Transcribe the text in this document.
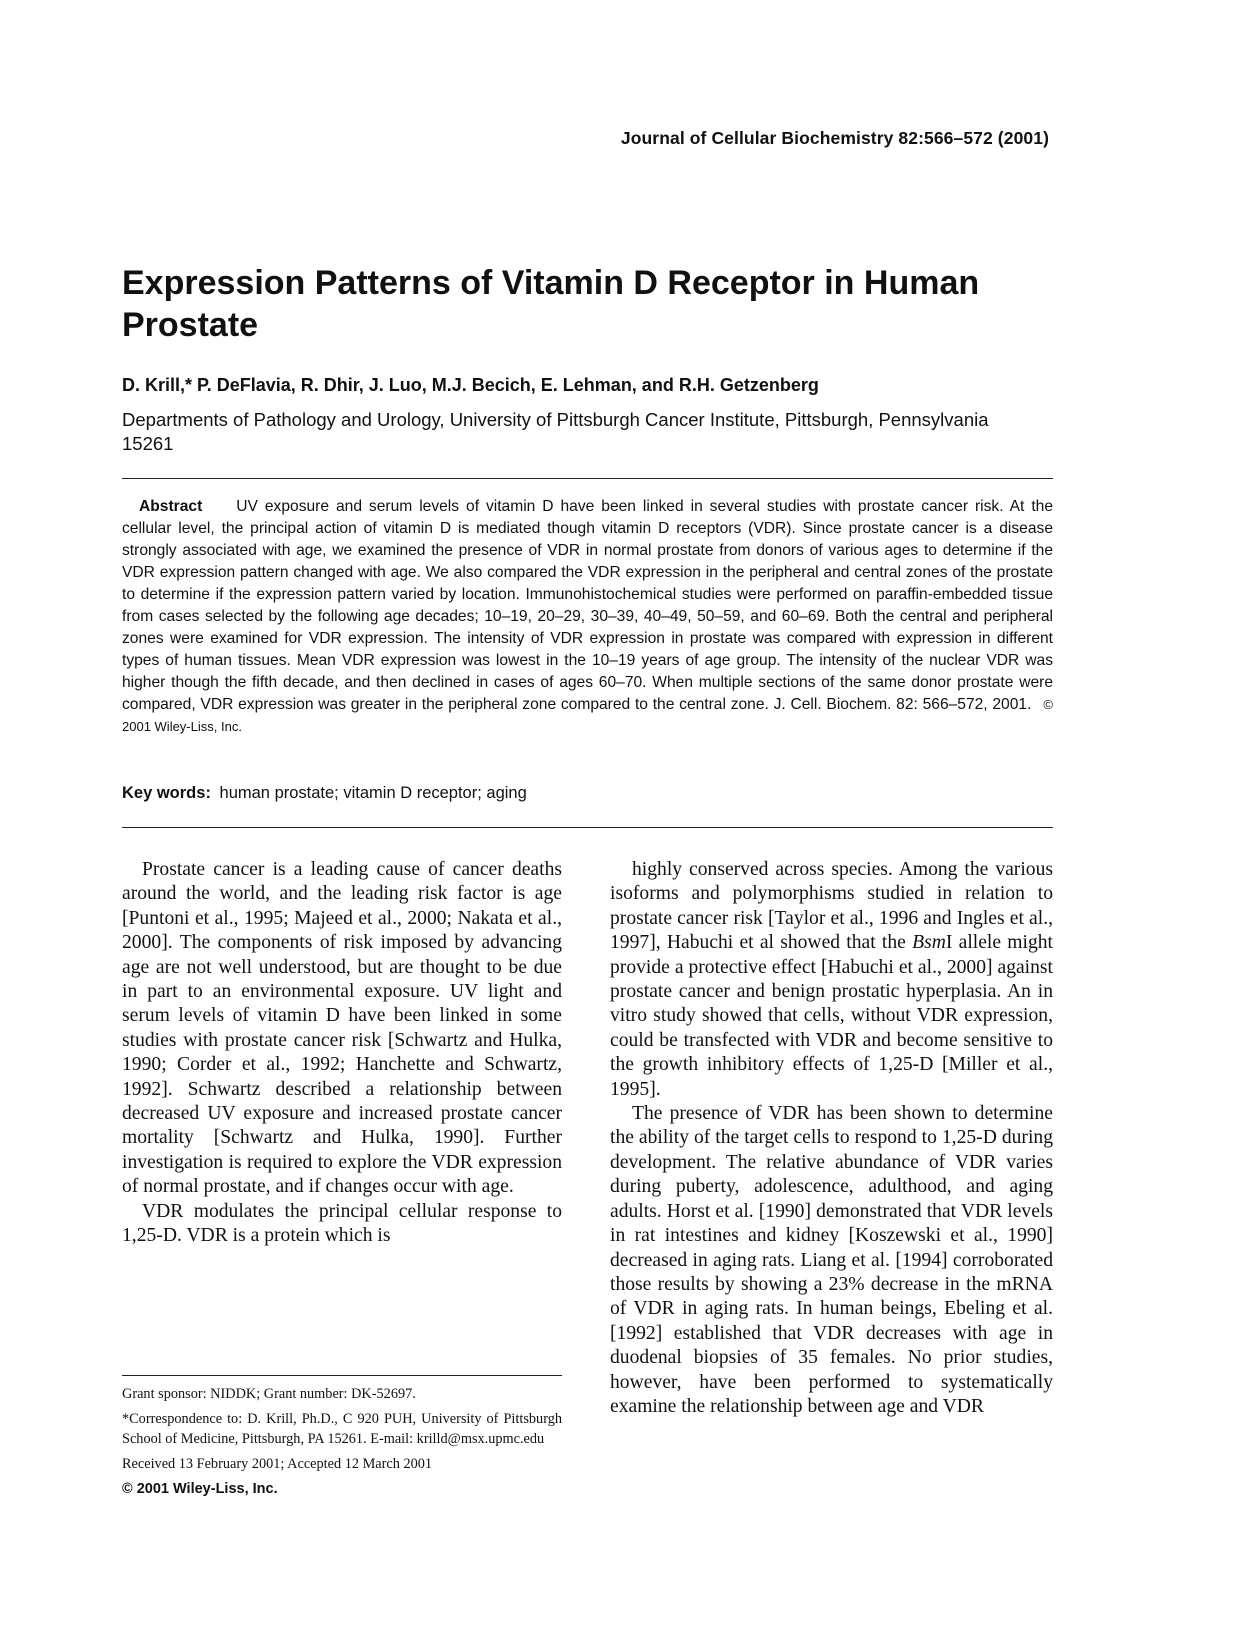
Journal of Cellular Biochemistry 82:566–572 (2001)
Expression Patterns of Vitamin D Receptor in Human Prostate
D. Krill,* P. DeFlavia, R. Dhir, J. Luo, M.J. Becich, E. Lehman, and R.H. Getzenberg
Departments of Pathology and Urology, University of Pittsburgh Cancer Institute, Pittsburgh, Pennsylvania 15261

Abstract UV exposure and serum levels of vitamin D have been linked in several studies with prostate cancer risk. At the cellular level, the principal action of vitamin D is mediated though vitamin D receptors (VDR). Since prostate cancer is a disease strongly associated with age, we examined the presence of VDR in normal prostate from donors of various ages to determine if the VDR expression pattern changed with age. We also compared the VDR expression in the peripheral and central zones of the prostate to determine if the expression pattern varied by location. Immunohistochemical studies were performed on paraffin-embedded tissue from cases selected by the following age decades; 10–19, 20–29, 30–39, 40–49, 50–59, and 60–69. Both the central and peripheral zones were examined for VDR expression. The intensity of VDR expression in prostate was compared with expression in different types of human tissues. Mean VDR expression was lowest in the 10–19 years of age group. The intensity of the nuclear VDR was higher though the fifth decade, and then declined in cases of ages 60–70. When multiple sections of the same donor prostate were compared, VDR expression was greater in the peripheral zone compared to the central zone. J. Cell. Biochem. 82: 566–572, 2001. © 2001 Wiley-Liss, Inc.

Key words: human prostate; vitamin D receptor; aging

Prostate cancer is a leading cause of cancer deaths around the world, and the leading risk factor is age [Puntoni et al., 1995; Majeed et al., 2000; Nakata et al., 2000]. The components of risk imposed by advancing age are not well understood, but are thought to be due in part to an environmental exposure. UV light and serum levels of vitamin D have been linked in some studies with prostate cancer risk [Schwartz and Hulka, 1990; Corder et al., 1992; Hanchette and Schwartz, 1992]. Schwartz described a relationship between decreased UV exposure and increased prostate cancer mortality [Schwartz and Hulka, 1990]. Further investigation is required to explore the VDR expression of normal prostate, and if changes occur with age.

VDR modulates the principal cellular response to 1,25-D. VDR is a protein which is

highly conserved across species. Among the various isoforms and polymorphisms studied in relation to prostate cancer risk [Taylor et al., 1996 and Ingles et al., 1997], Habuchi et al showed that the BsmI allele might provide a protective effect [Habuchi et al., 2000] against prostate cancer and benign prostatic hyperplasia. An in vitro study showed that cells, without VDR expression, could be transfected with VDR and become sensitive to the growth inhibitory effects of 1,25-D [Miller et al., 1995].

The presence of VDR has been shown to determine the ability of the target cells to respond to 1,25-D during development. The relative abundance of VDR varies during puberty, adolescence, adulthood, and aging adults. Horst et al. [1990] demonstrated that VDR levels in rat intestines and kidney [Koszewski et al., 1990] decreased in aging rats. Liang et al. [1994] corroborated those results by showing a 23% decrease in the mRNA of VDR in aging rats. In human beings, Ebeling et al. [1992] established that VDR decreases with age in duodenal biopsies of 35 females. No prior studies, however, have been performed to systematically examine the relationship between age and VDR

Grant sponsor: NIDDK; Grant number: DK-52697.

*Correspondence to: D. Krill, Ph.D., C 920 PUH, University of Pittsburgh School of Medicine, Pittsburgh, PA 15261. E-mail: krilld@msx.upmc.edu

Received 13 February 2001; Accepted 12 March 2001

© 2001 Wiley-Liss, Inc.
